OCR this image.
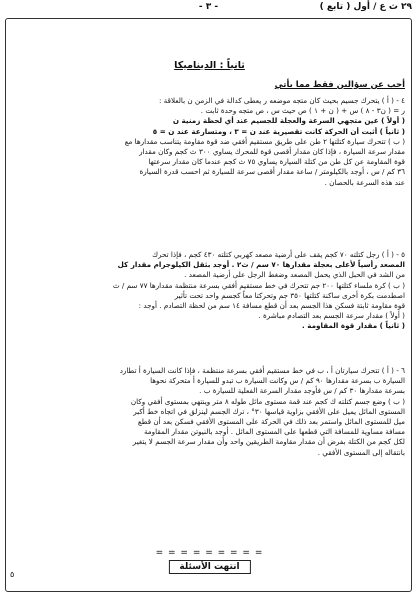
٢٩ ث ع / أول ( تابع )
- ٣ -
ثانياً : الديناميكا
أجب عن سؤالين فقط مما يأتي

٤ - ( أ ) يتحرك جسيم بحيث كان متجه موضعه ر يعطى كدالة في الزمن ن بالعلاقة :

ر = ( ن٣ - ٨ ) س + ( ن + ١ ) ص حيث س ، ص متجه وحدة ثابت .

( أولاً ) عين متجهي السرعة والعجلة للجسيم عند أي لحظة زمنية ن

( ثانياً ) أثبت أن الحركة كانت تقصيرية عند ن = ٣ ، ومتسارعة عند ن = ٥

( ب ) تتحرك سيارة كتلتها ٢ طن على طريق مستقيم أفقي ضد قوة مقاومة يتناسب مقدارها مع

مقدار سرعة السيارة ، فإذا كان مقدار أقصى قوة للمحرك يساوي ٣٠٠ ث كجم وكان مقدار

قوة المقاومة عن كل طن من كتلة السيارة يساوي ٧٥ ث كجم عندما كان مقدار سرعتها

٣٦ كم / س ، أوجد بالكيلومتر / ساعة مقدار أقصى سرعة للسيارة ثم احسب قدرة السيارة

عند هذه السرعة بالحصان .

٥ - ( أ ) رجل كتلته ٧٠ كجم يقف على أرضية مصعد كهربي كتلته ٤٣٠ كجم ، فإذا تحرك

المصعد رأسياً لأعلى بعجلة مقدارها ٧٠ سم / ث٢ . أوجد بثقل الكيلوجرام مقدار كل

من الشد في الحبل الذي يحمل المصعد وضغط الرجل على أرضية المصعد .

( ب ) كرة ملساء كتلتها ٢٠٠ جم تتحرك في خط مستقيم أفقي بسرعة منتظمة مقدارها ٧٧ سم / ث

اصطدمت بكرة أخرى ساكنة كتلتها ٣٥٠ جم وتحركتا معاً كجسم واحد تحت تأثير

قوة مقاومة ثابتة فسكن هذا الجسم بعد أن قطع مسافة ١٤ سم من لحظة التصادم . أوجد :

( أولاً ) مقدار سرعة الجسم بعد التصادم مباشرة .

( ثانياً ) مقدار قوة المقاومة .

٦ - ( أ ) تتحرك سيارتان أ ، ب في خط مستقيم أفقي بسرعة منتظمة ، فإذا كانت السيارة أ تطارد

السيارة ب بسرعة مقدارها ٩٠ كم / س وكانت السيارة ب تبدو للسيارة أ متحركة نحوها

بسرعة مقدارها ٣٠ كم / س فأوجد مقدار السرعة الفعلية للسيارة ب .

( ب ) وضع جسم كتلته ك كجم عند قمة مستوى مائل طوله ٨ متر وينتهي بمستوى أفقي وكان

المستوى المائل يميل على الأفقي بزاوية قياسها ٣٠° ، ترك الجسم لينزلق في اتجاه خط أكبر

ميل للمستوى المائل واستمر بعد ذلك في الحركة على المستوى الأفقي فسكن بعد أن قطع

مسافة مساوية للمسافة التي قطعها على المستوى المائل . أوجد بالنيوتن مقدار المقاومة

لكل كجم من الكتلة بفرض أن مقدار مقاومة الطريقين واحد وأن مقدار سرعة الجسم لا يتغير

بانتقاله إلى المستوى الأفقي .

= = = = = = = = =
انتهت الأسئلة
٥
